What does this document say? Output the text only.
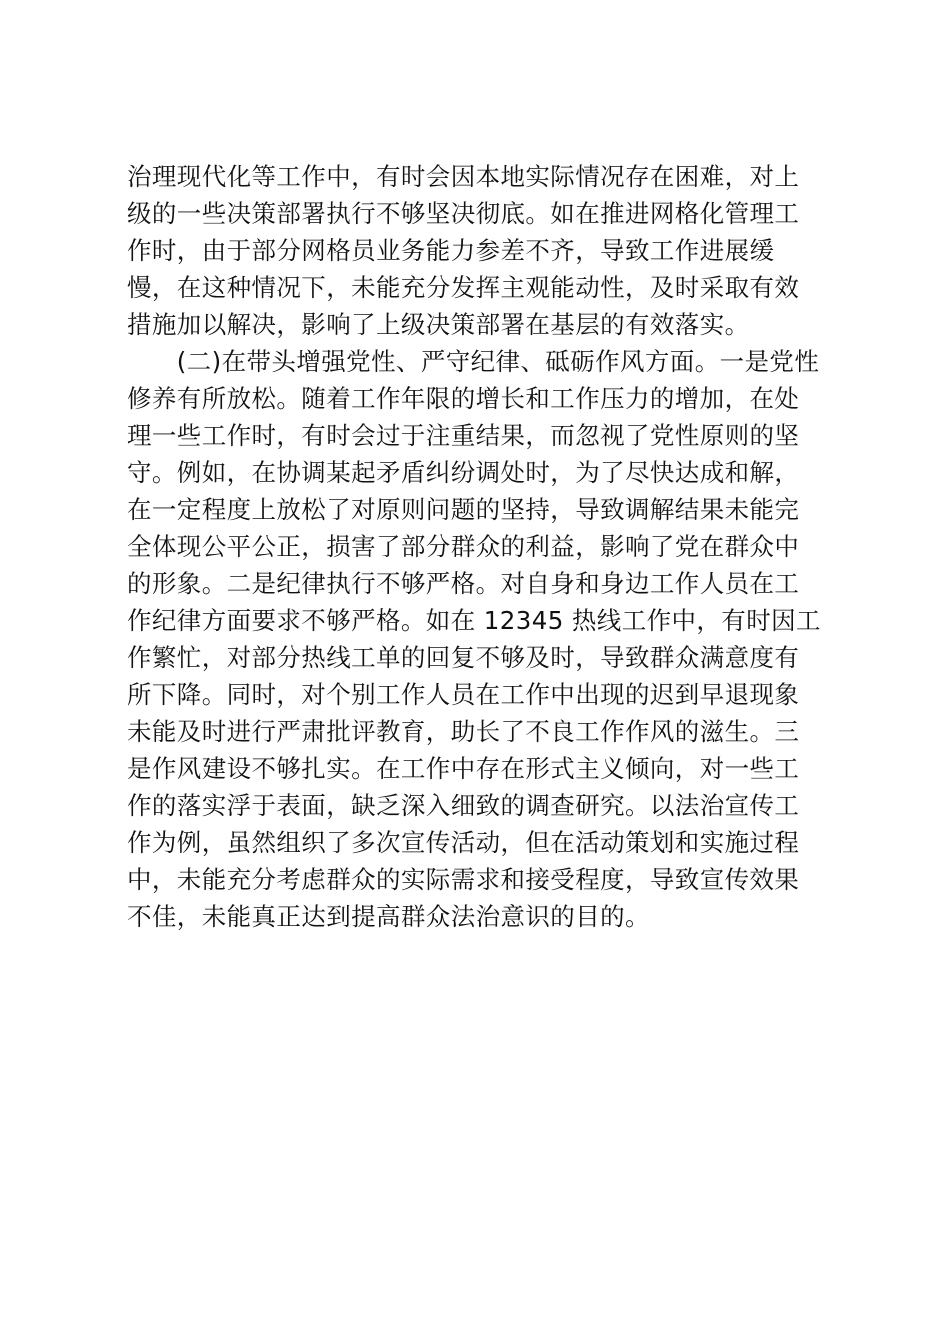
治理现代化等工作中，有时会因本地实际情况存在困难，对上
级的一些决策部署执行不够坚决彻底。如在推进网格化管理工
作时，由于部分网格员业务能力参差不齐，导致工作进展缓
慢，在这种情况下，未能充分发挥主观能动性，及时采取有效
措施加以解决，影响了上级决策部署在基层的有效落实。
　　(二)在带头增强党性、严守纪律、砥砺作风方面。一是党性
修养有所放松。随着工作年限的增长和工作压力的增加，在处
理一些工作时，有时会过于注重结果，而忽视了党性原则的坚
守。例如，在协调某起矛盾纠纷调处时，为了尽快达成和解，
在一定程度上放松了对原则问题的坚持，导致调解结果未能完
全体现公平公正，损害了部分群众的利益，影响了党在群众中
的形象。二是纪律执行不够严格。对自身和身边工作人员在工
作纪律方面要求不够严格。如在 12345 热线工作中，有时因工
作繁忙，对部分热线工单的回复不够及时，导致群众满意度有
所下降。同时，对个别工作人员在工作中出现的迟到早退现象
未能及时进行严肃批评教育，助长了不良工作作风的滋生。三
是作风建设不够扎实。在工作中存在形式主义倾向，对一些工
作的落实浮于表面，缺乏深入细致的调查研究。以法治宣传工
作为例，虽然组织了多次宣传活动，但在活动策划和实施过程
中，未能充分考虑群众的实际需求和接受程度，导致宣传效果
不佳，未能真正达到提高群众法治意识的目的。
